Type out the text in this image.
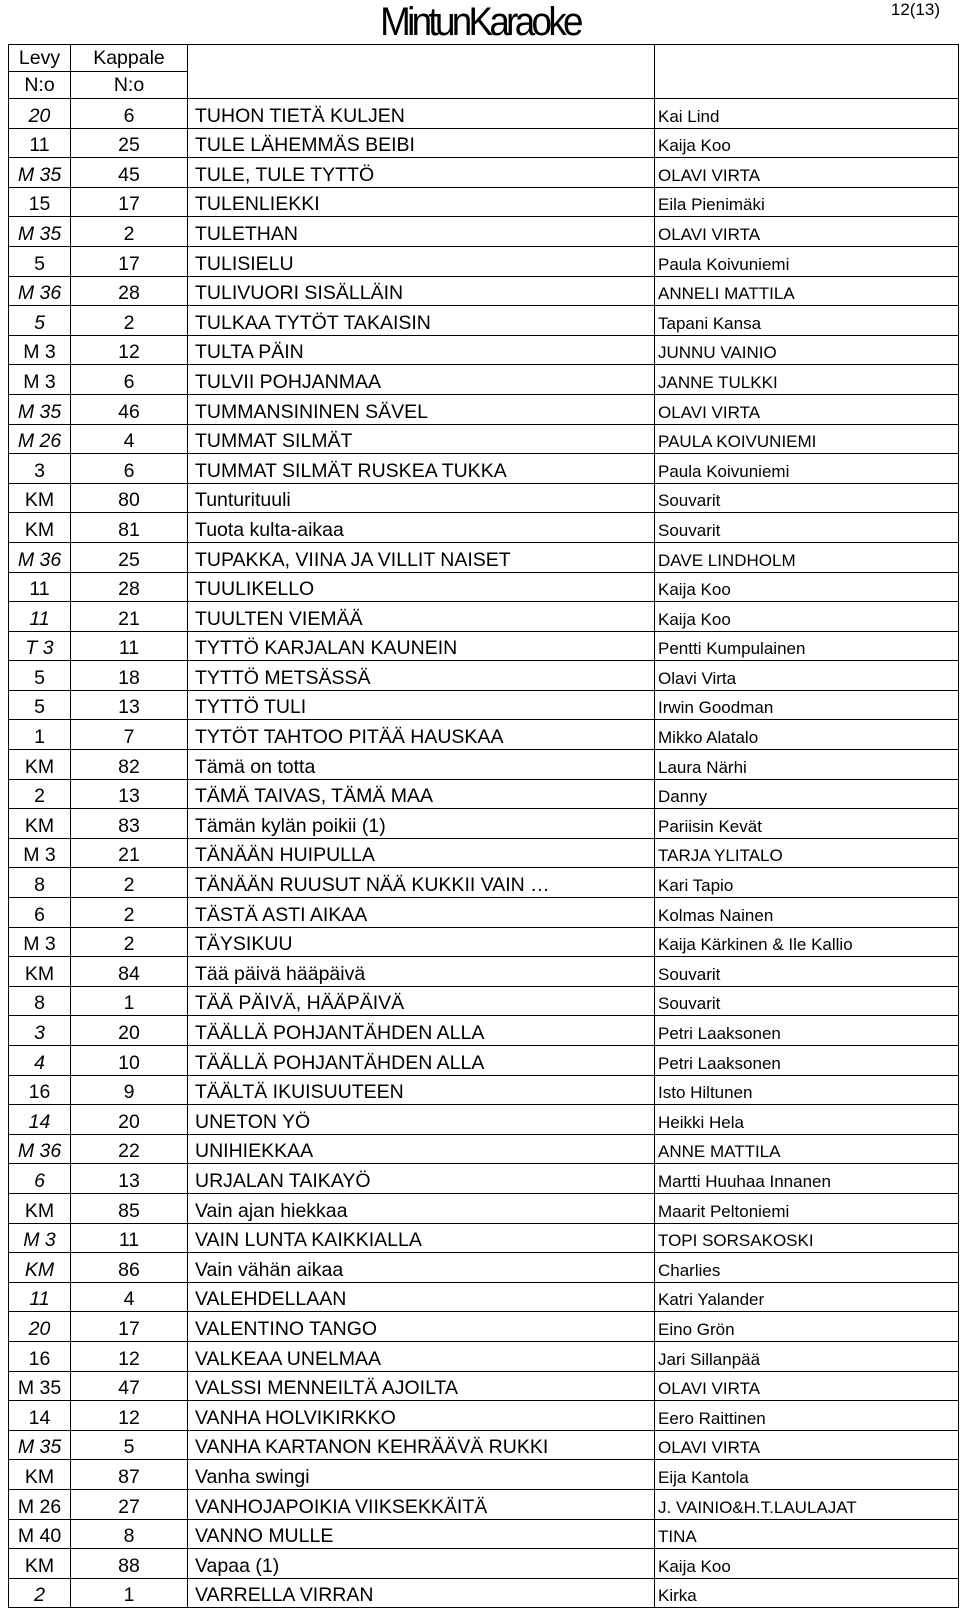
MintunKaraoke	12(13)
Levy	Kappale		
N:o	N:o		
20	6	TUHON TIETÄ KULJEN	Kai Lind
11	25	TULE LÄHEMMÄS BEIBI	Kaija Koo
M 35	45	TULE, TULE TYTTÖ	OLAVI VIRTA
15	17	TULENLIEKKI	Eila Pienimäki
M 35	2	TULETHAN	OLAVI VIRTA
5	17	TULISIELU	Paula Koivuniemi
M 36	28	TULIVUORI SISÄLLÄIN	ANNELI MATTILA
5	2	TULKAA TYTÖT TAKAISIN	Tapani Kansa
M 3	12	TULTA PÄIN	JUNNU VAINIO
M 3	6	TULVII POHJANMAA	JANNE TULKKI
M 35	46	TUMMANSININEN SÄVEL	OLAVI VIRTA
M 26	4	TUMMAT SILMÄT	PAULA KOIVUNIEMI
3	6	TUMMAT SILMÄT RUSKEA TUKKA	Paula Koivuniemi
KM	80	Tunturituuli	Souvarit
KM	81	Tuota kulta-aikaa	Souvarit
M 36	25	TUPAKKA, VIINA JA VILLIT NAISET	DAVE LINDHOLM
11	28	TUULIKELLO	Kaija Koo
11	21	TUULTEN VIEMÄÄ	Kaija Koo
T 3	11	TYTTÖ KARJALAN KAUNEIN	Pentti Kumpulainen
5	18	TYTTÖ METSÄSSÄ	Olavi Virta
5	13	TYTTÖ TULI	Irwin Goodman
1	7	TYTÖT TAHTOO PITÄÄ HAUSKAA	Mikko Alatalo
KM	82	Tämä on totta	Laura Närhi
2	13	TÄMÄ TAIVAS, TÄMÄ MAA	Danny
KM	83	Tämän kylän poikii (1)	Pariisin Kevät
M 3	21	TÄNÄÄN HUIPULLA	TARJA YLITALO
8	2	TÄNÄÄN RUUSUT NÄÄ KUKKII VAIN …	Kari Tapio
6	2	TÄSTÄ ASTI AIKAA	Kolmas Nainen
M 3	2	TÄYSIKUU	Kaija Kärkinen & Ile Kallio
KM	84	Tää päivä hääpäivä	Souvarit
8	1	TÄÄ PÄIVÄ, HÄÄPÄIVÄ	Souvarit
3	20	TÄÄLLÄ POHJANTÄHDEN ALLA	Petri Laaksonen
4	10	TÄÄLLÄ POHJANTÄHDEN ALLA	Petri Laaksonen
16	9	TÄÄLTÄ IKUISUUTEEN	Isto Hiltunen
14	20	UNETON YÖ	Heikki Hela
M 36	22	UNIHIEKKAA	ANNE MATTILA
6	13	URJALAN TAIKAYÖ	Martti Huuhaa Innanen
KM	85	Vain ajan hiekkaa	Maarit Peltoniemi
M 3	11	VAIN LUNTA KAIKKIALLA	TOPI SORSAKOSKI
KM	86	Vain vähän aikaa	Charlies
11	4	VALEHDELLAAN	Katri Yalander
20	17	VALENTINO TANGO	Eino Grön
16	12	VALKEAA UNELMAA	Jari Sillanpää
M 35	47	VALSSI MENNEILTÄ AJOILTA	OLAVI VIRTA
14	12	VANHA HOLVIKIRKKO	Eero Raittinen
M 35	5	VANHA KARTANON KEHRÄÄVÄ RUKKI	OLAVI VIRTA
KM	87	Vanha swingi	Eija Kantola
M 26	27	VANHOJAPOIKIA VIIKSEKKÄITÄ	J. VAINIO&H.T.LAULAJAT
M 40	8	VANNO MULLE	TINA
KM	88	Vapaa (1)	Kaija Koo
2	1	VARRELLA VIRRAN	Kirka
